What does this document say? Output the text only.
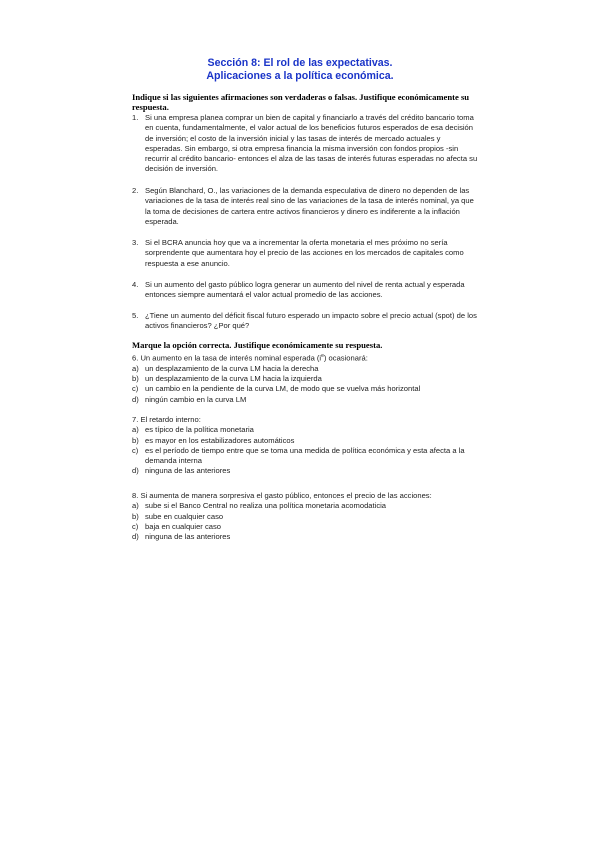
Sección 8: El rol de las expectativas.
Aplicaciones a la política económica.
Indique si las siguientes afirmaciones son verdaderas o falsas. Justifique económicamente su respuesta.
1. Si una empresa planea comprar un bien de capital y financiarlo a través del crédito bancario toma en cuenta, fundamentalmente, el valor actual de los beneficios futuros esperados de esa decisión de inversión; el costo de la inversión inicial y las tasas de interés de mercado actuales y esperadas. Sin embargo, si otra empresa financia la misma inversión con fondos propios -sin recurrir al crédito bancario- entonces el alza de las tasas de interés futuras esperadas no afecta su decisión de inversión.
2. Según Blanchard, O., las variaciones de la demanda especulativa de dinero no dependen de las variaciones de la tasa de interés real sino de las variaciones de la tasa de interés nominal, ya que la toma de decisiones de cartera entre activos financieros y dinero es indiferente a la inflación esperada.
3. Si el BCRA anuncia hoy que va a incrementar la oferta monetaria el mes próximo no sería sorprendente que aumentara hoy el precio de las acciones en los mercados de capitales como respuesta a ese anuncio.
4. Si un aumento del gasto público logra generar un aumento del nivel de renta actual y esperada entonces siempre aumentará el valor actual promedio de las acciones.
5. ¿Tiene un aumento del déficit fiscal futuro esperado un impacto sobre el precio actual (spot) de los activos financieros? ¿Por qué?
Marque la opción correcta. Justifique económicamente su respuesta.
6. Un aumento en la tasa de interés nominal esperada $(i^e)$ ocasionará:
a) un desplazamiento de la curva LM hacia la derecha
b) un desplazamiento de la curva LM hacia la izquierda
c) un cambio en la pendiente de la curva LM, de modo que se vuelva más horizontal
d) ningún cambio en la curva LM
7. El retardo interno:
a) es típico de la política monetaria
b) es mayor en los estabilizadores automáticos
c) es el período de tiempo entre que se toma una medida de política económica y esta afecta a la demanda interna
d) ninguna de las anteriores
8. Si aumenta de manera sorpresiva el gasto público, entonces el precio de las acciones:
a) sube si el Banco Central no realiza una política monetaria acomodaticia
b) sube en cualquier caso
c) baja en cualquier caso
d) ninguna de las anteriores
